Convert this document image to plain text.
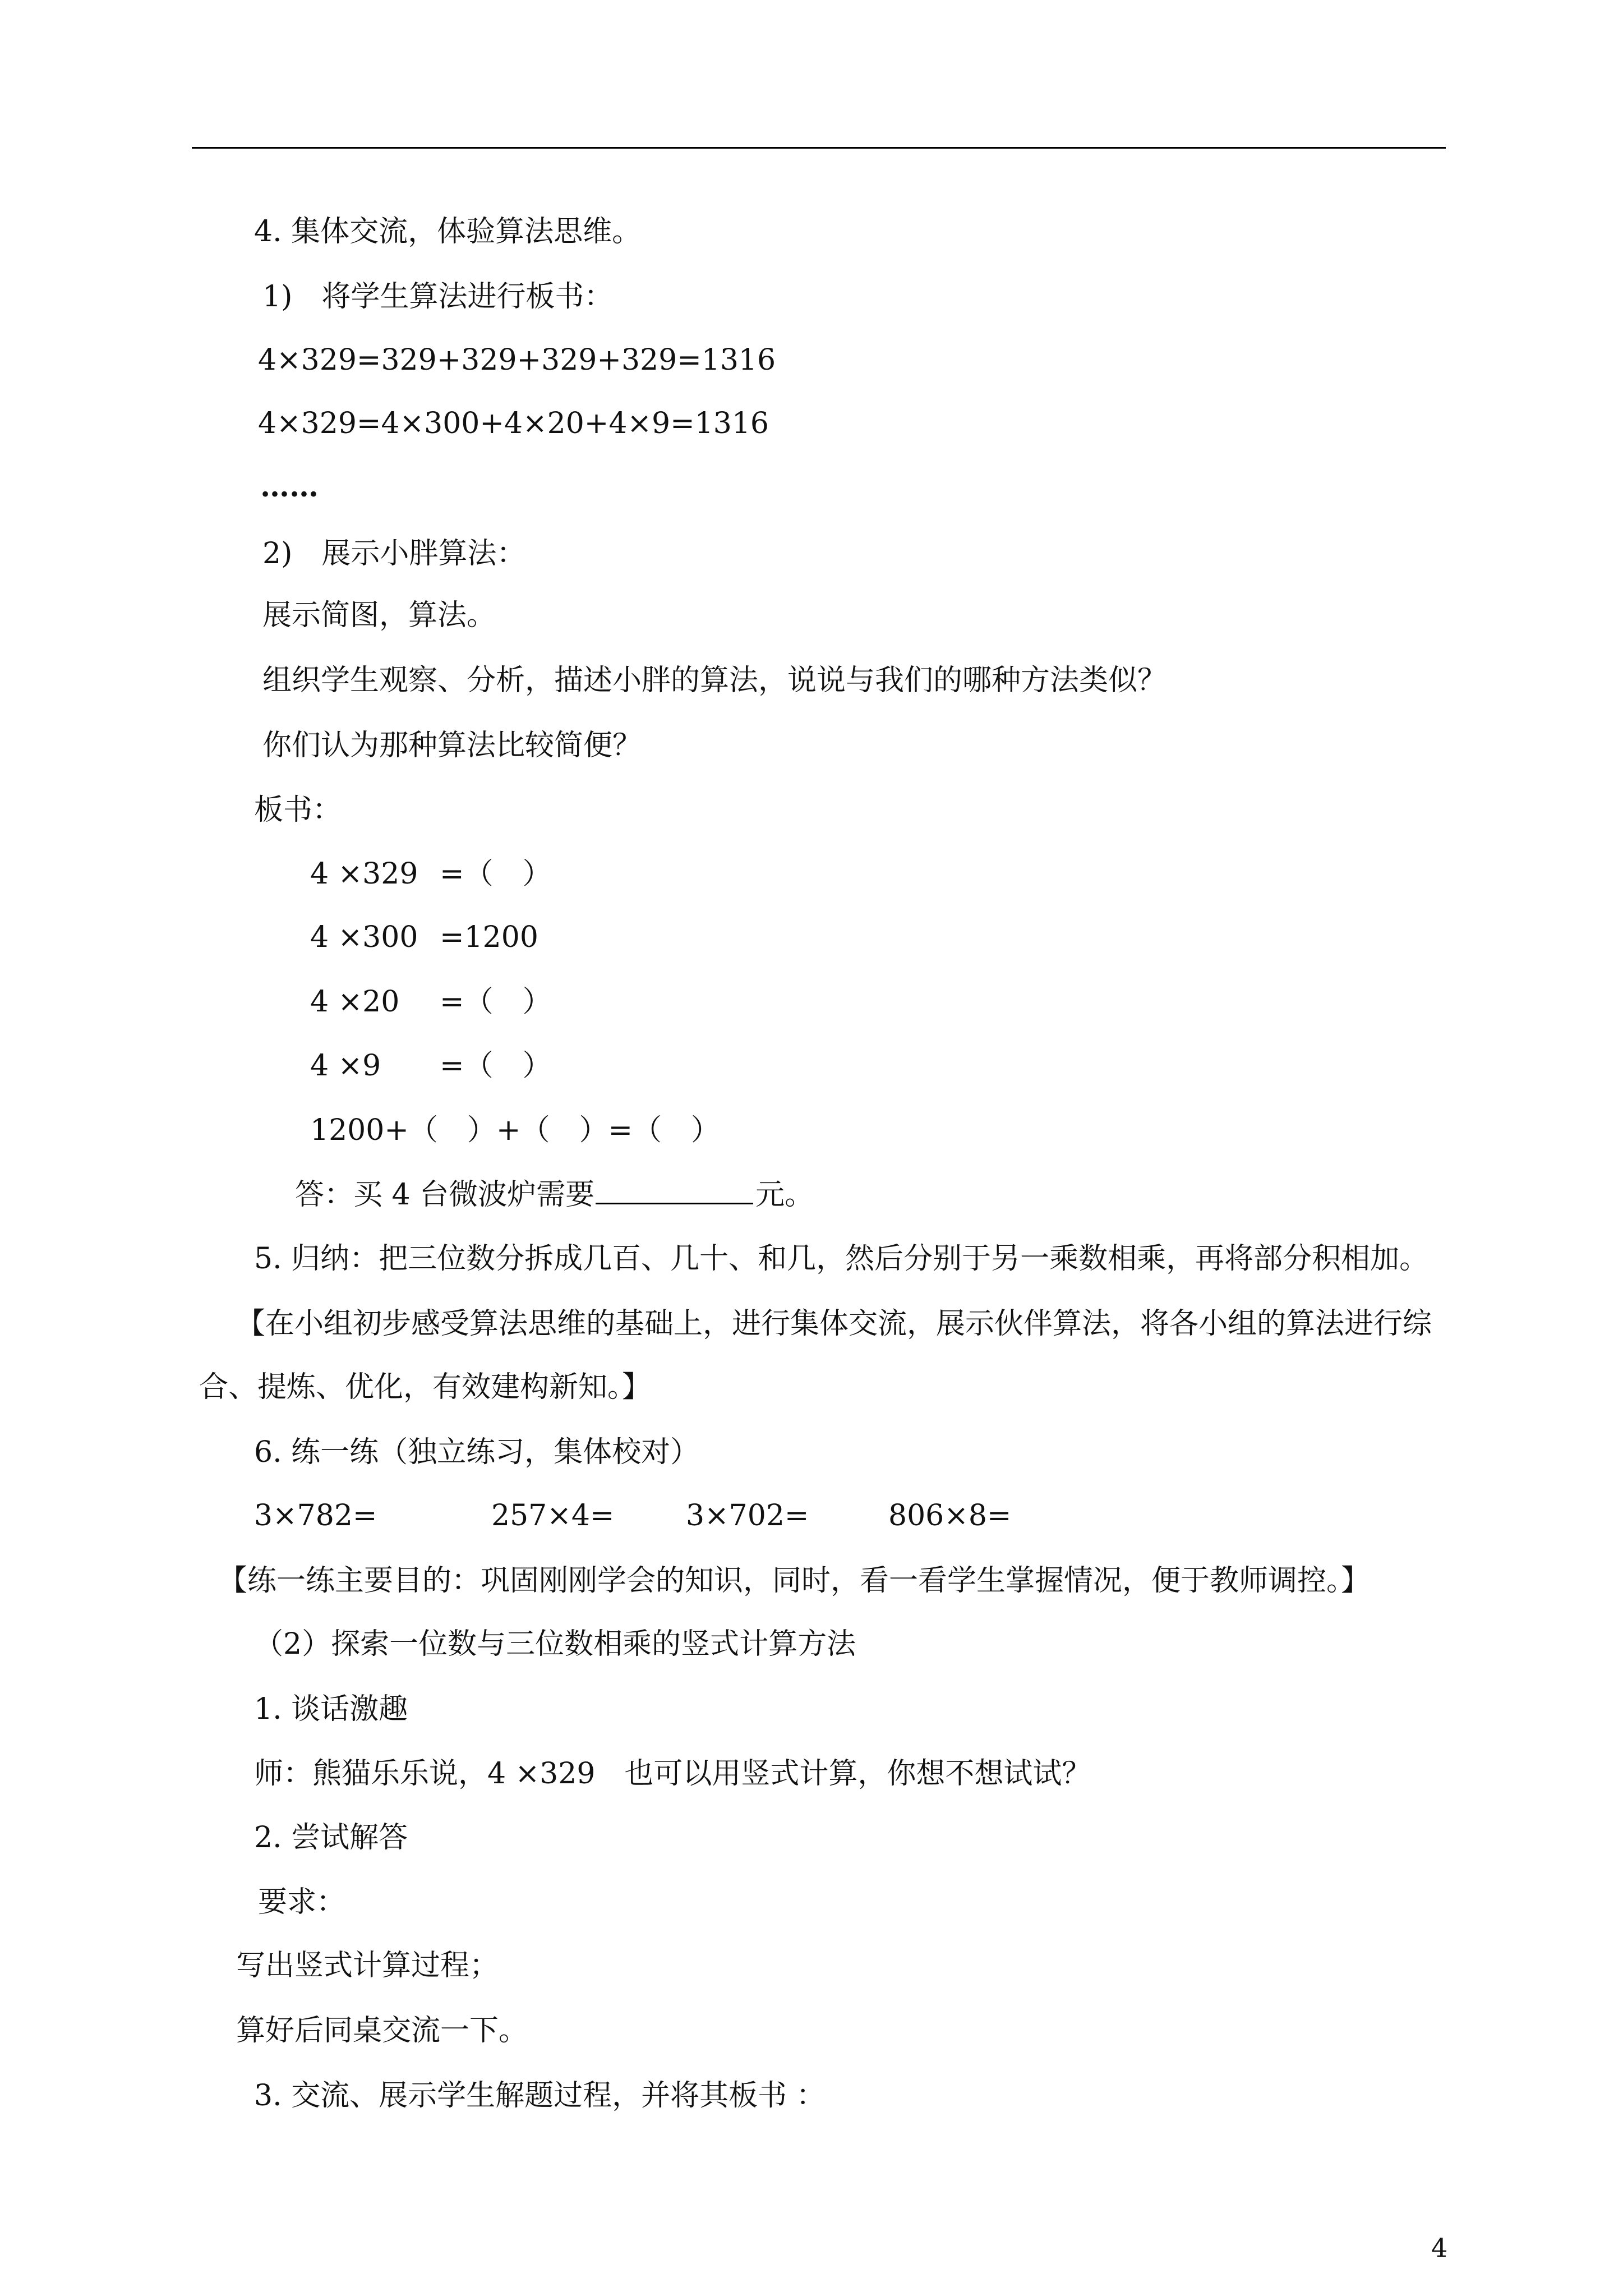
4. 集体交流，体验算法思维。
1)　将学生算法进行板书：
4×329=329+329+329+329=1316
4×329=4×300+4×20+4×9=1316
……
2)　展示小胖算法：
展示简图，算法。
组织学生观察、分析，描述小胖的算法，说说与我们的哪种方法类似？
你们认为那种算法比较简便？
板书：
4 ×329 =（　）
4 ×300 =1200
4 ×20 =（　）
4 ×9 =（　）
1200+（　）+（　）=（　）
答：买 4 台微波炉需要	元。
5. 归纳：把三位数分拆成几百、几十、和几，然后分别于另一乘数相乘，再将部分积相加。
【在小组初步感受算法思维的基础上，进行集体交流，展示伙伴算法，将各小组的算法进行综
合、提炼、优化，有效建构新知。】
6. 练一练（独立练习，集体校对）
3×782=	257×4= 3×702=	806×8=
【练一练主要目的：巩固刚刚学会的知识，同时，看一看学生掌握情况，便于教师调控。】
（2）探索一位数与三位数相乘的竖式计算方法
1. 谈话激趣
师：熊猫乐乐说，4 ×329　也可以用竖式计算，你想不想试试？
2. 尝试解答
要求：
写出竖式计算过程；
算好后同桌交流一下。
3. 交流、展示学生解题过程，并将其板书 ：
4
